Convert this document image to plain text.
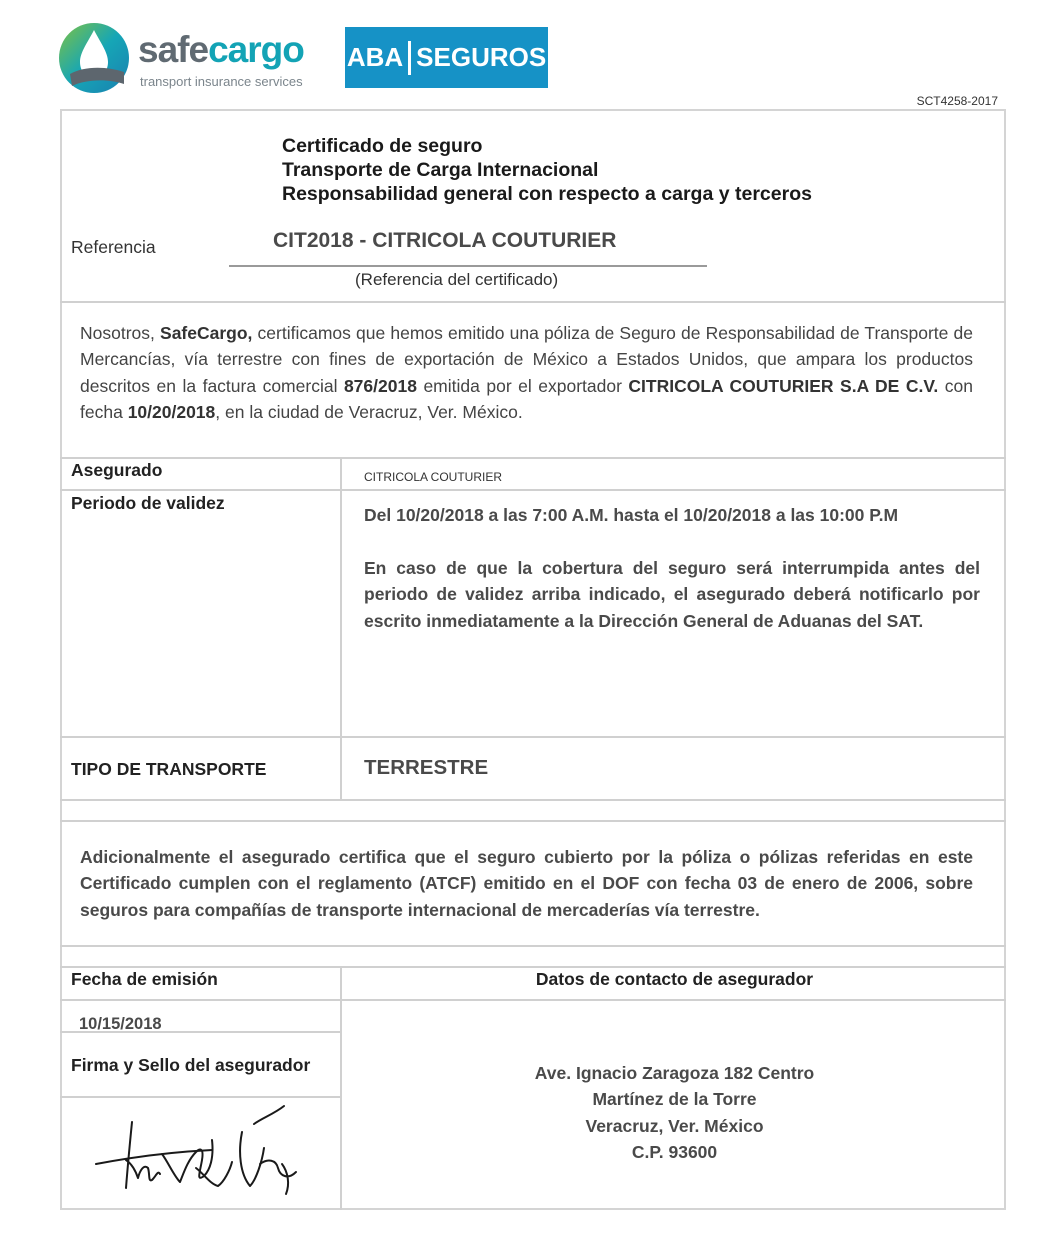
safecargo
transport insurance services
ABA SEGUROS
SCT4258-2017
Certificado de seguro
Transporte de Carga Internacional
Responsabilidad general con respecto a carga y terceros
Referencia	CIT2018 - CITRICOLA COUTURIER
(Referencia del certificado)
Nosotros, SafeCargo, certificamos que hemos emitido una póliza de Seguro de Responsabilidad de Transporte de Mercancías, vía terrestre con fines de exportación de México a Estados Unidos, que ampara los productos descritos en la factura comercial 876/2018 emitida por el exportador CITRICOLA COUTURIER S.A DE C.V. con fecha 10/20/2018, en la ciudad de Veracruz, Ver. México.
Asegurado	CITRICOLA COUTURIER
Periodo de validez
Del 10/20/2018 a las 7:00 A.M. hasta el 10/20/2018 a las 10:00 P.M
En caso de que la cobertura del seguro será interrumpida antes del periodo de validez arriba indicado, el asegurado deberá notificarlo por escrito inmediatamente a la Dirección General de Aduanas del SAT.
TIPO DE TRANSPORTE	TERRESTRE
Adicionalmente el asegurado certifica que el seguro cubierto por la póliza o pólizas referidas en este Certificado cumplen con el reglamento (ATCF) emitido en el DOF con fecha 03 de enero de 2006, sobre seguros para compañías de transporte internacional de mercaderías vía terrestre.
Fecha de emisión	Datos de contacto de asegurador
10/15/2018
Firma y Sello del asegurador	Ave. Ignacio Zaragoza 182 Centro
Martínez de la Torre
Veracruz, Ver. México
C.P. 93600
